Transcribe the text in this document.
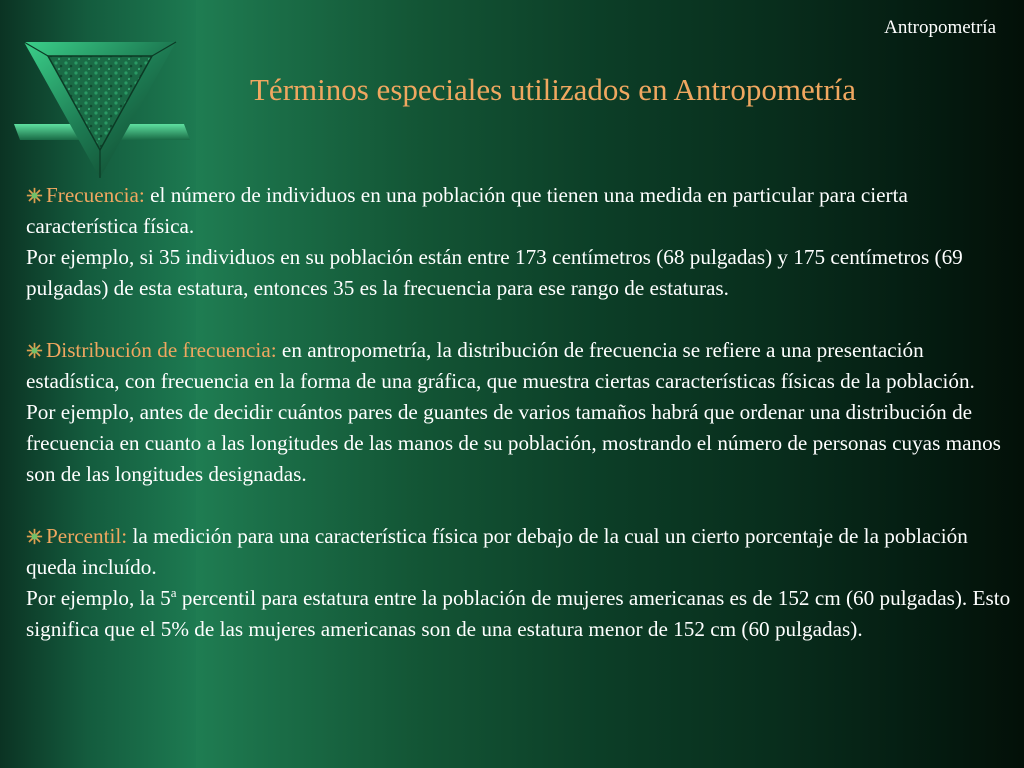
Antropometría
Términos especiales utilizados en Antropometría

Frecuencia: el número de individuos en una población que tienen una medida en particular para cierta característica física.

Por ejemplo, si 35 individuos en su población están entre 173 centímetros (68 pulgadas) y 175 centímetros (69 pulgadas) de esta estatura, entonces 35 es la frecuencia para ese rango de estaturas.

Distribución de frecuencia: en antropometría, la distribución de frecuencia se refiere a una presentación estadística, con frecuencia en la forma de una gráfica, que muestra ciertas características físicas de la población.

Por ejemplo, antes de decidir cuántos pares de guantes de varios tamaños habrá que ordenar una distribución de frecuencia en cuanto a las longitudes de las manos de su población, mostrando el número de personas cuyas manos son de las longitudes designadas.

Percentil: la medición para una característica física por debajo de la cual un cierto porcentaje de la población queda incluído.

Por ejemplo, la 5$^a$ percentil para estatura entre la población de mujeres americanas es de 152 cm (60 pulgadas). Esto significa que el 5% de las mujeres americanas son de una estatura menor de 152 cm (60 pulgadas).
